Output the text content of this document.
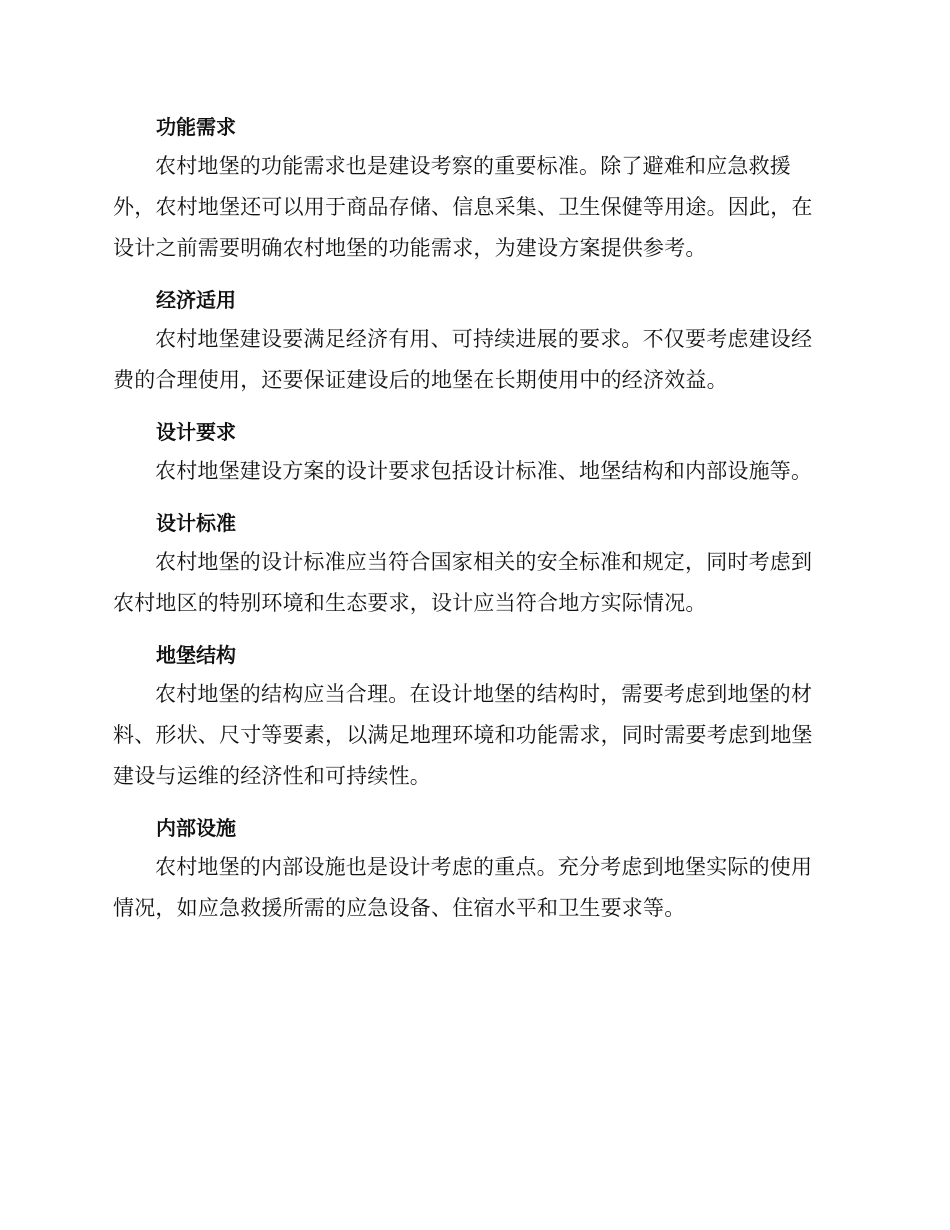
功能需求

农村地堡的功能需求也是建设考察的重要标准。除了避难和应急救援外，农村地堡还可以用于商品存储、信息采集、卫生保健等用途。因此，在设计之前需要明确农村地堡的功能需求，为建设方案提供参考。

经济适用

农村地堡建设要满足经济有用、可持续进展的要求。不仅要考虑建设经费的合理使用，还要保证建设后的地堡在长期使用中的经济效益。

设计要求

农村地堡建设方案的设计要求包括设计标准、地堡结构和内部设施等。

设计标准

农村地堡的设计标准应当符合国家相关的安全标准和规定，同时考虑到农村地区的特别环境和生态要求，设计应当符合地方实际情况。

地堡结构

农村地堡的结构应当合理。在设计地堡的结构时，需要考虑到地堡的材料、形状、尺寸等要素，以满足地理环境和功能需求，同时需要考虑到地堡建设与运维的经济性和可持续性。

内部设施

农村地堡的内部设施也是设计考虑的重点。充分考虑到地堡实际的使用情况，如应急救援所需的应急设备、住宿水平和卫生要求等。
